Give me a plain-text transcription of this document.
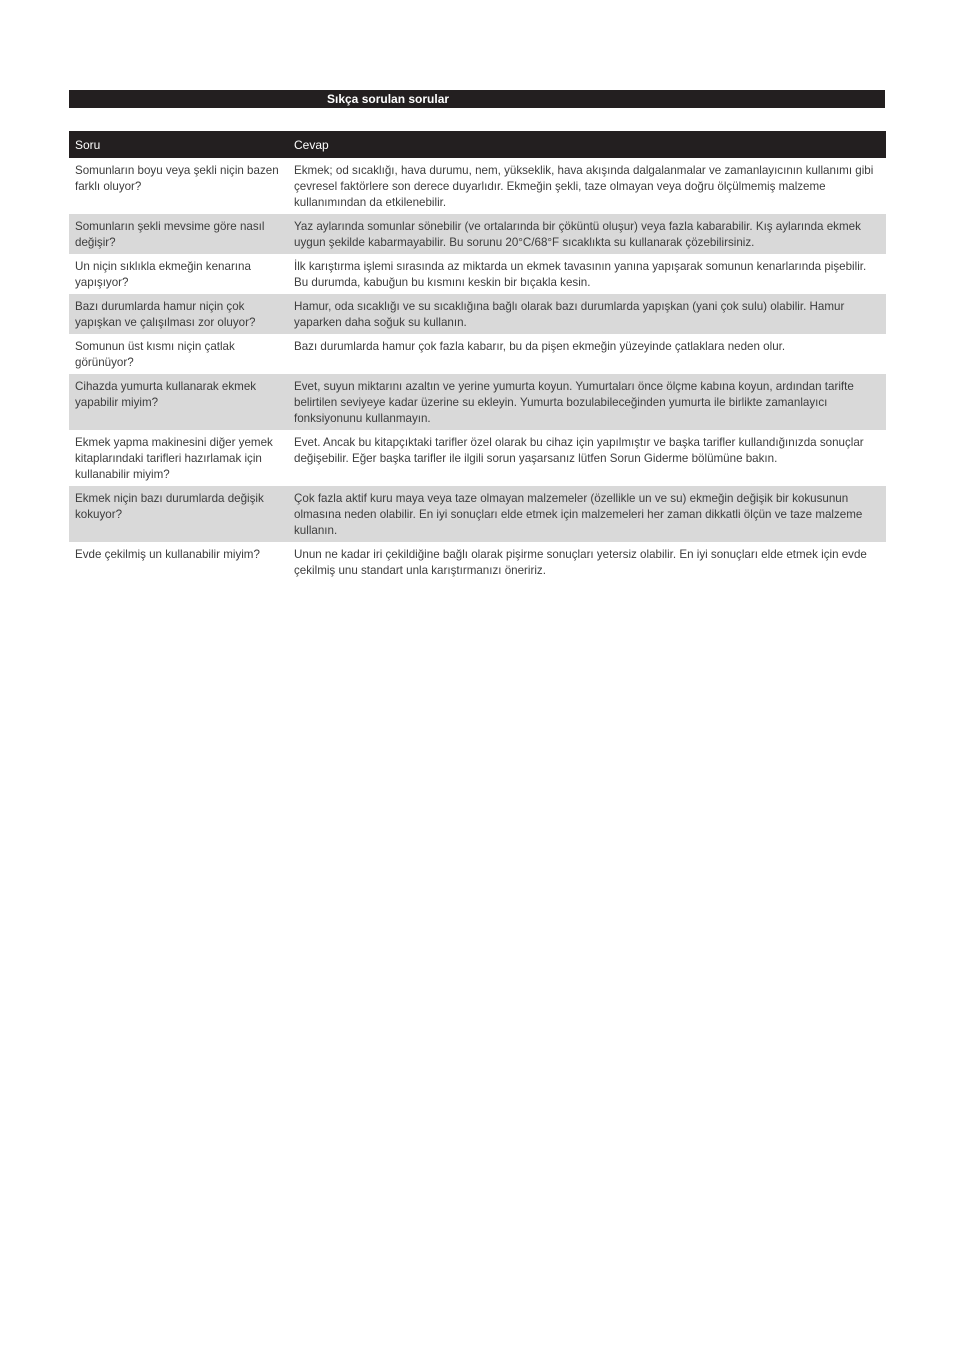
Sıkça sorulan sorular
Soru	Cevap
Somunların boyu veya şekli niçin bazen farklı oluyor?	Ekmek; od sıcaklığı, hava durumu, nem, yükseklik, hava akışında dalgalanmalar ve zamanlayıcının kullanımı gibi çevresel faktörlere son derece duyarlıdır. Ekmeğin şekli, taze olmayan veya doğru ölçülmemiş malzeme kullanımından da etkilenebilir.
Somunların şekli mevsime göre nasıl değişir?	Yaz aylarında somunlar sönebilir (ve ortalarında bir çöküntü oluşur) veya fazla kabarabilir. Kış aylarında ekmek uygun şekilde kabarmayabilir. Bu sorunu 20°C/68°F sıcaklıkta su kullanarak çözebilirsiniz.
Un niçin sıklıkla ekmeğin kenarına yapışıyor?	İlk karıştırma işlemi sırasında az miktarda un ekmek tavasının yanına yapışarak somunun kenarlarında pişebilir. Bu durumda, kabuğun bu kısmını keskin bir bıçakla kesin.
Bazı durumlarda hamur niçin çok yapışkan ve çalışılması zor oluyor?	Hamur, oda sıcaklığı ve su sıcaklığına bağlı olarak bazı durumlarda yapışkan (yani çok sulu) olabilir. Hamur yaparken daha soğuk su kullanın.
Somunun üst kısmı niçin çatlak görünüyor?	Bazı durumlarda hamur çok fazla kabarır, bu da pişen ekmeğin yüzeyinde çatlaklara neden olur.
Cihazda yumurta kullanarak ekmek yapabilir miyim?	Evet, suyun miktarını azaltın ve yerine yumurta koyun. Yumurtaları önce ölçme kabına koyun, ardından tarifte belirtilen seviyeye kadar üzerine su ekleyin. Yumurta bozulabileceğinden yumurta ile birlikte zamanlayıcı fonksiyonunu kullanmayın.
Ekmek yapma makinesini diğer yemek kitaplarındaki tarifleri hazırlamak için kullanabilir miyim?	Evet. Ancak bu kitapçıktaki tarifler özel olarak bu cihaz için yapılmıştır ve başka tarifler kullandığınızda sonuçlar değişebilir. Eğer başka tarifler ile ilgili sorun yaşarsanız lütfen Sorun Giderme bölümüne bakın.
Ekmek niçin bazı durumlarda değişik kokuyor?	Çok fazla aktif kuru maya veya taze olmayan malzemeler (özellikle un ve su) ekmeğin değişik bir kokusunun olmasına neden olabilir. En iyi sonuçları elde etmek için malzemeleri her zaman dikkatli ölçün ve taze malzeme kullanın.
Evde çekilmiş un kullanabilir miyim?	Unun ne kadar iri çekildiğine bağlı olarak pişirme sonuçları yetersiz olabilir. En iyi sonuçları elde etmek için evde çekilmiş unu standart unla karıştırmanızı öneririz.
